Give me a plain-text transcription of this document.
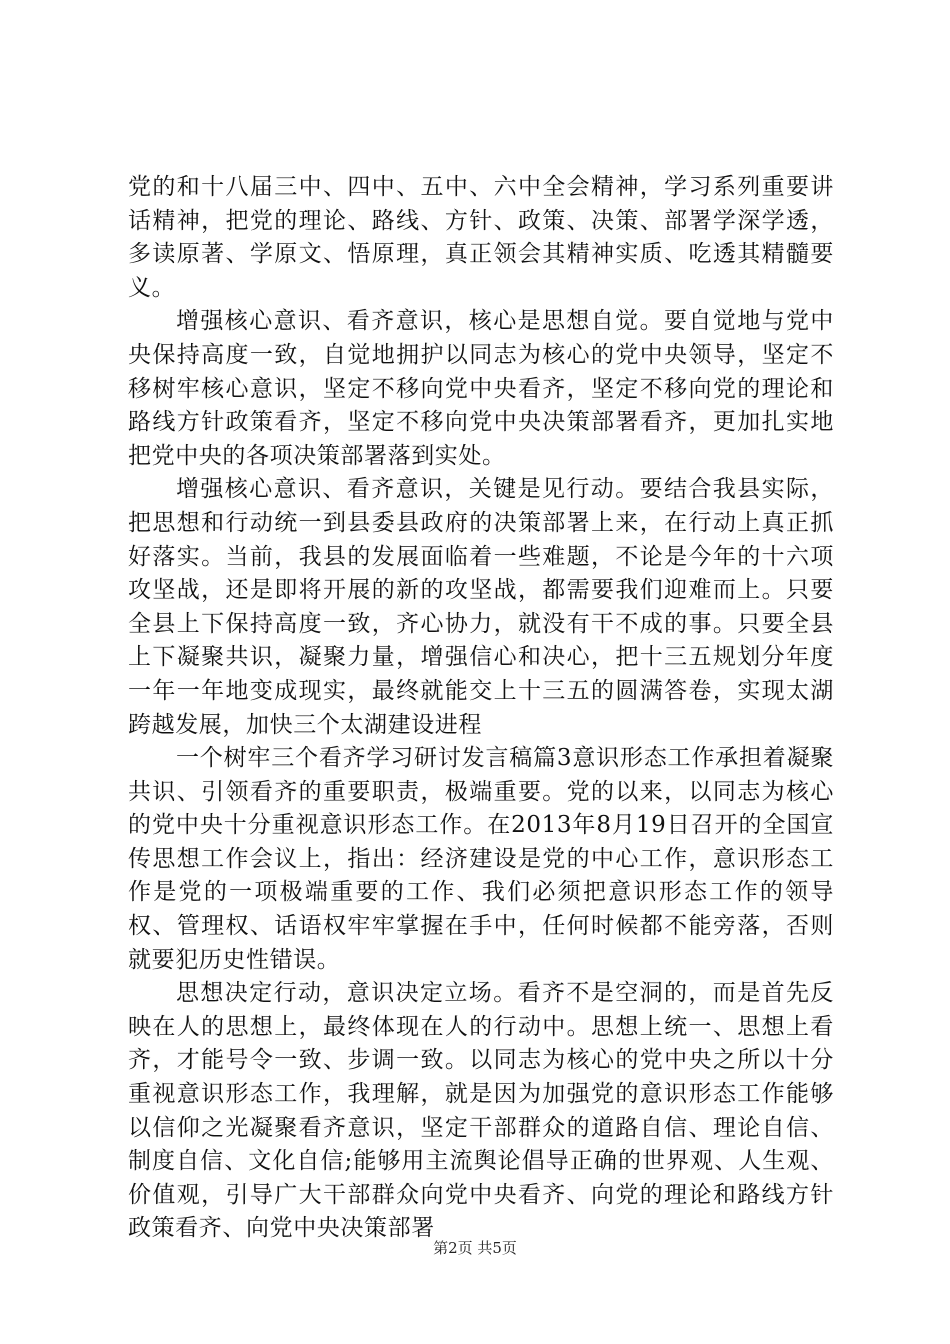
党的和十八届三中、四中、五中、六中全会精神，学习系列重要讲话精神，把党的理论、路线、方针、政策、决策、部署学深学透，多读原著、学原文、悟原理，真正领会其精神实质、吃透其精髓要义。

增强核心意识、看齐意识，核心是思想自觉。要自觉地与党中央保持高度一致，自觉地拥护以同志为核心的党中央领导，坚定不移树牢核心意识，坚定不移向党中央看齐，坚定不移向党的理论和路线方针政策看齐，坚定不移向党中央决策部署看齐，更加扎实地把党中央的各项决策部署落到实处。

增强核心意识、看齐意识，关键是见行动。要结合我县实际，把思想和行动统一到县委县政府的决策部署上来，在行动上真正抓好落实。当前，我县的发展面临着一些难题，不论是今年的十六项攻坚战，还是即将开展的新的攻坚战，都需要我们迎难而上。只要全县上下保持高度一致，齐心协力，就没有干不成的事。只要全县上下凝聚共识，凝聚力量，增强信心和决心，把十三五规划分年度一年一年地变成现实，最终就能交上十三五的圆满答卷，实现太湖跨越发展，加快三个太湖建设进程

一个树牢三个看齐学习研讨发言稿篇3意识形态工作承担着凝聚共识、引领看齐的重要职责，极端重要。党的以来，以同志为核心的党中央十分重视意识形态工作。在2013年8月19日召开的全国宣传思想工作会议上，指出：经济建设是党的中心工作，意识形态工作是党的一项极端重要的工作、我们必须把意识形态工作的领导权、管理权、话语权牢牢掌握在手中，任何时候都不能旁落，否则就要犯历史性错误。

思想决定行动，意识决定立场。看齐不是空洞的，而是首先反映在人的思想上，最终体现在人的行动中。思想上统一、思想上看齐，才能号令一致、步调一致。以同志为核心的党中央之所以十分重视意识形态工作，我理解，就是因为加强党的意识形态工作能够以信仰之光凝聚看齐意识，坚定干部群众的道路自信、理论自信、制度自信、文化自信;能够用主流舆论倡导正确的世界观、人生观、价值观，引导广大干部群众向党中央看齐、向党的理论和路线方针政策看齐、向党中央决策部署

第2页 共5页
